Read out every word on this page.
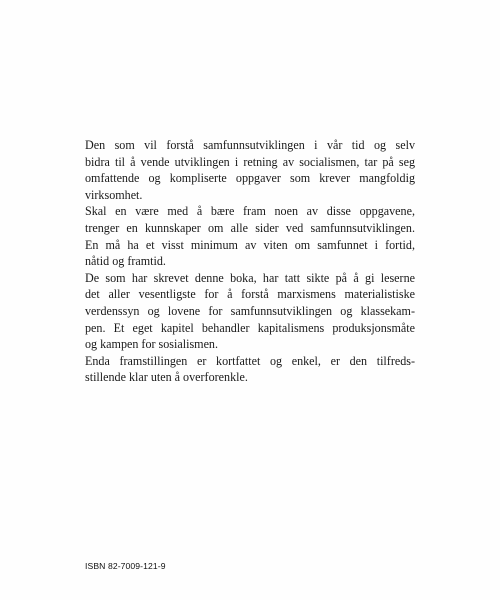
Den som vil forstå samfunnsutviklingen i vår tid og selv
bidra til å vende utviklingen i retning av socialismen, tar på seg
omfattende og kompliserte oppgaver som krever mangfoldig
virksomhet.

Skal en være med å bære fram noen av disse oppgavene,
trenger en kunnskaper om alle sider ved samfunnsutviklingen.
En må ha et visst minimum av viten om samfunnet i fortid,
nåtid og framtid.

De som har skrevet denne boka, har tatt sikte på å gi leserne
det aller vesentligste for å forstå marxismens materialistiske
verdenssyn og lovene for samfunnsutviklingen og klassekam-
pen. Et eget kapitel behandler kapitalismens produksjonsmåte
og kampen for sosialismen.

Enda framstillingen er kortfattet og enkel, er den tilfreds-
stillende klar uten å overforenkle.

ISBN 82-7009-121-9
